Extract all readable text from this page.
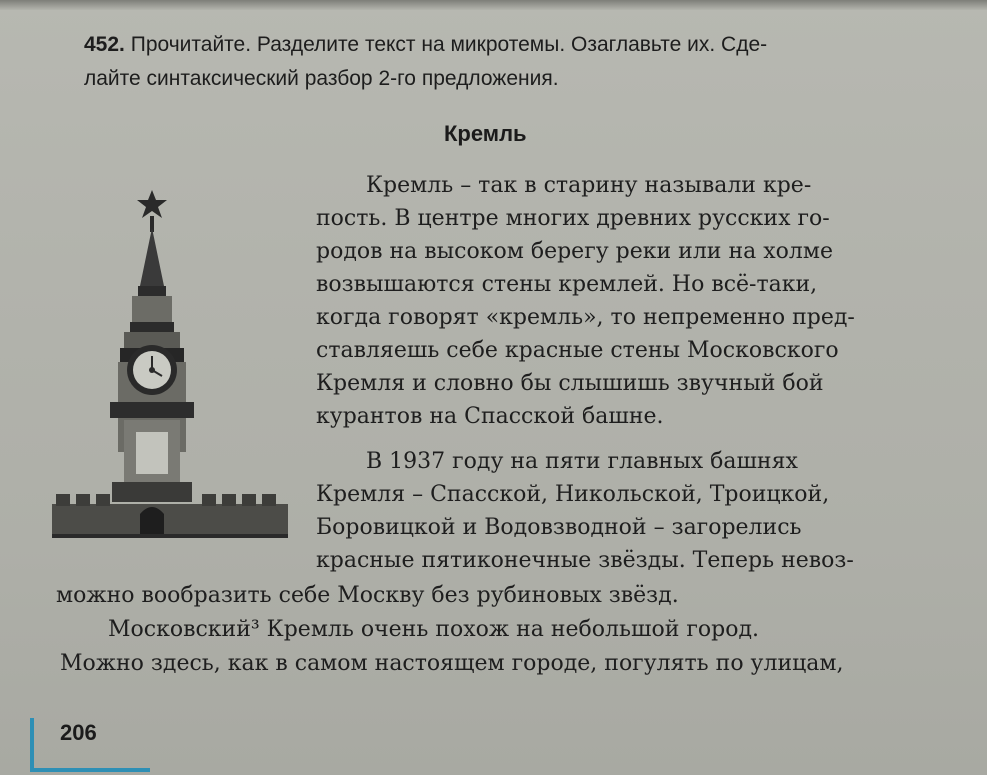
452. Прочитайте. Разделите текст на микротемы. Озаглавьте их. Сде-
лайте синтаксический разбор 2-го предложения.
Кремль
Кремль – так в старину называли кре-
пость. В центре многих древних русских го-
родов на высоком берегу реки или на холме
возвышаются стены кремлей. Но всё-таки,
когда говорят «кремль», то непременно пред-
ставляешь себе красные стены Московского
Кремля и словно бы слышишь звучный бой
курантов на Спасской башне.
В 1937 году на пяти главных башнях
Кремля – Спасской, Никольской, Троицкой,
Боровицкой и Водовзводной – загорелись
красные пятиконечные звёзды. Теперь невоз-
можно вообразить себе Москву без рубиновых звёзд.
Московский³ Кремль очень похож на небольшой город.
Можно здесь, как в самом настоящем городе, погулять по улицам,
206
